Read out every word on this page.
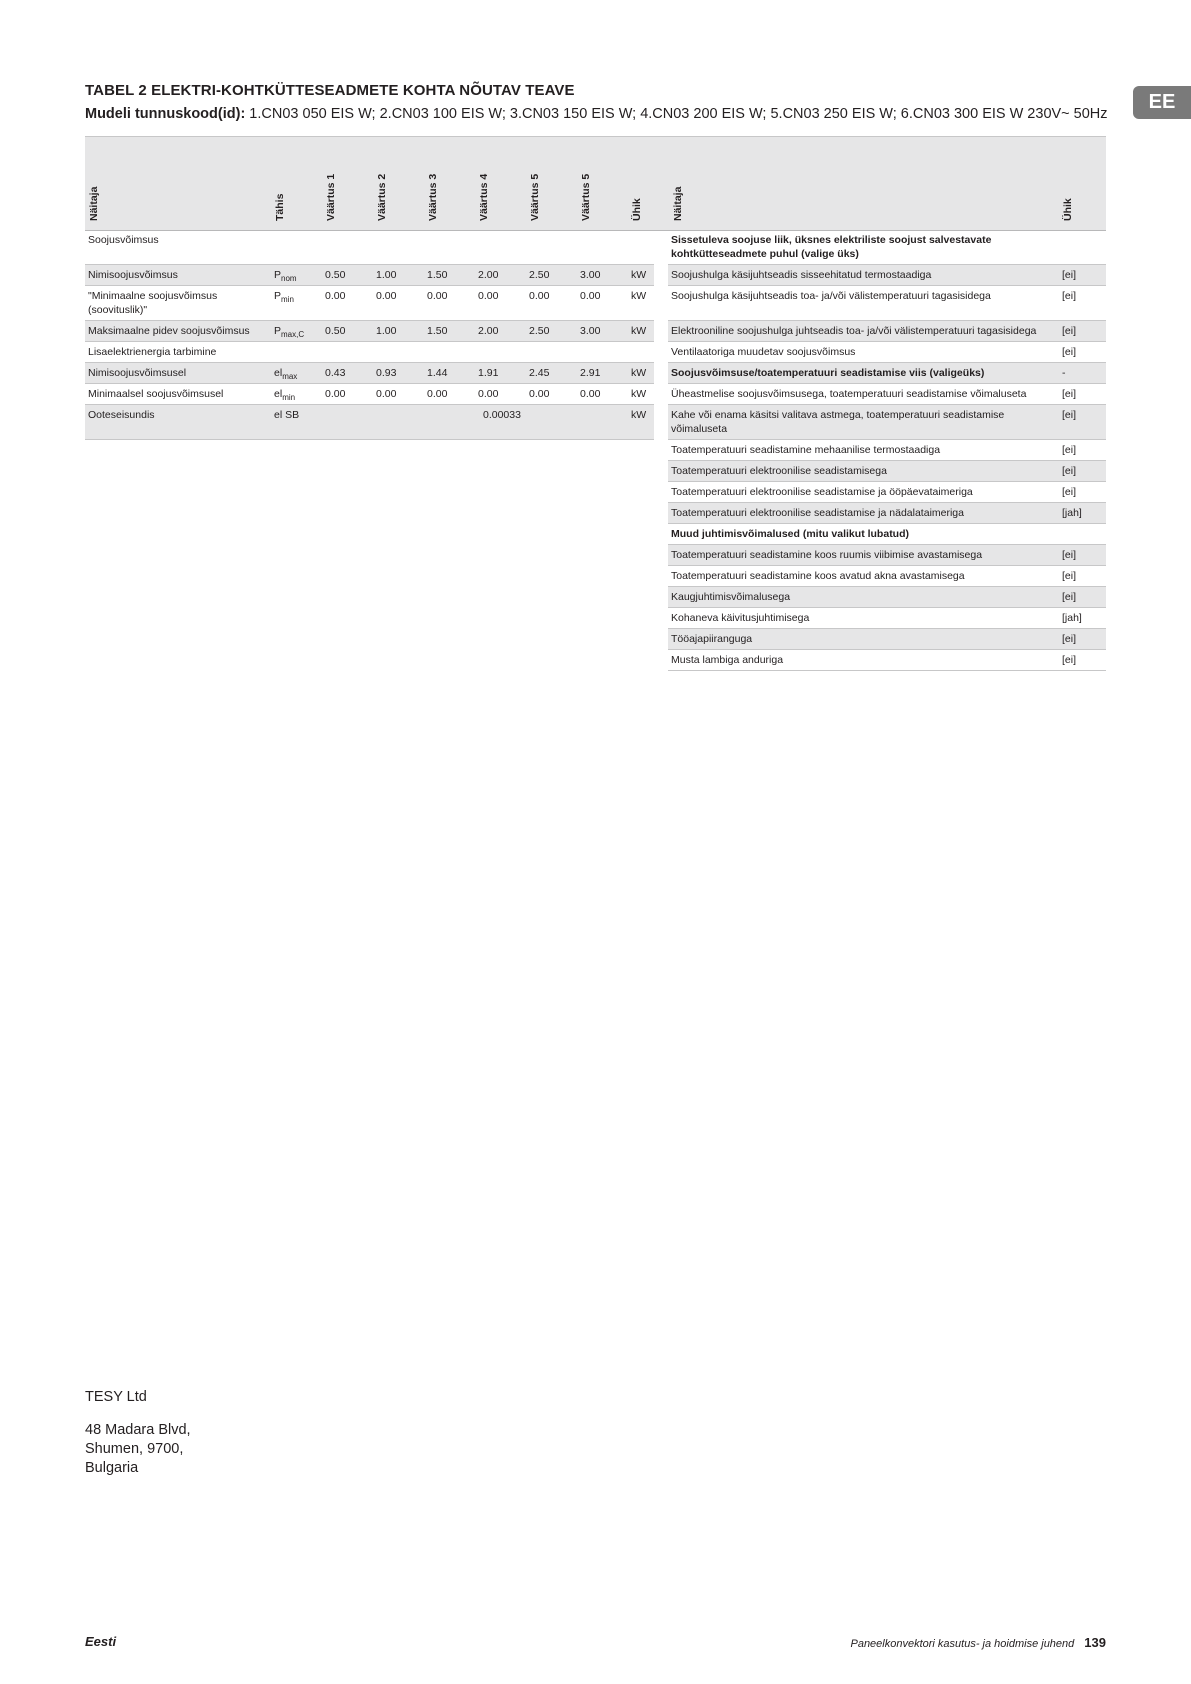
EE
TABEL 2 ELEKTRI-KOHTKÜTTESEADMETE KOHTA NÕUTAV TEAVE
Mudeli tunnuskood(id): 1.CN03 050 EIS W; 2.CN03 100 EIS W; 3.CN03 150 EIS W; 4.CN03 200 EIS W; 5.CN03 250 EIS W; 6.CN03 300 EIS W 230V~ 50Hz
Näitaja	Tähis	Väärtus 1	Väärtus 2	Väärtus 3	Väärtus 4	Väärtus 5	Väärtus 5	Ühik	Näitaja	Ühik
Soojusvõimsus								
Nimisoojusvõimsus	$P_{nom}$	0.50	1.00	1.50	2.00	2.50	3.00	kW
"Minimaalne soojusvõimsus (soovituslik)"	$P_{min}$	0.00	0.00	0.00	0.00	0.00	0.00	kW
Maksimaalne pidev soojusvõimsus	$P_{max,C}$	0.50	1.00	1.50	2.00	2.50	3.00	kW
Lisaelektrienergia tarbimine								
Nimisoojusvõimsusel	$el_{max}$	0.43	0.93	1.44	1.91	2.45	2.91	kW
Minimaalsel soojusvõimsusel	$el_{min}$	0.00	0.00	0.00	0.00	0.00	0.00	kW
Ooteseisundis	el SB				0.00033			kW
Sissetuleva soojuse liik, üksnes elektriliste soojust salvestavate kohtkütteseadmete puhul (valige üks)	
Soojushulga käsijuhtseadis sisseehitatud termostaadiga	[ei]
Soojushulga käsijuhtseadis toa- ja/või välistemperatuuri tagasisidega	[ei]
Elektrooniline soojushulga juhtseadis toa- ja/või välistemperatuuri tagasisidega	[ei]
Ventilaatoriga muudetav soojusvõimsus	[ei]
Soojusvõimsuse/toatemperatuuri seadistamise viis (valigeüks)	-
Üheastmelise soojusvõimsusega, toatemperatuuri seadistamise võimaluseta	[ei]
Kahe või enama käsitsi valitava astmega, toatemperatuuri seadistamise võimaluseta	[ei]
Toatemperatuuri seadistamine mehaanilise termostaadiga	[ei]
Toatemperatuuri elektroonilise seadistamisega	[ei]
Toatemperatuuri elektroonilise seadistamise ja ööpäevataimeriga	[ei]
Toatemperatuuri elektroonilise seadistamise ja nädalataimeriga	[jah]
Muud juhtimisvõimalused (mitu valikut lubatud)	
Toatemperatuuri seadistamine koos ruumis viibimise avastamisega	[ei]
Toatemperatuuri seadistamine koos avatud akna avastamisega	[ei]
Kaugjuhtimisvõimalusega	[ei]
Kohaneva käivitusjuhtimisega	[jah]
Tööajapiiranguga	[ei]
Musta lambiga anduriga	[ei]
TESY Ltd
48 Madara Blvd,
Shumen, 9700,
Bulgaria
Eesti	Paneelkonvektori kasutus- ja hoidmise juhend 139
